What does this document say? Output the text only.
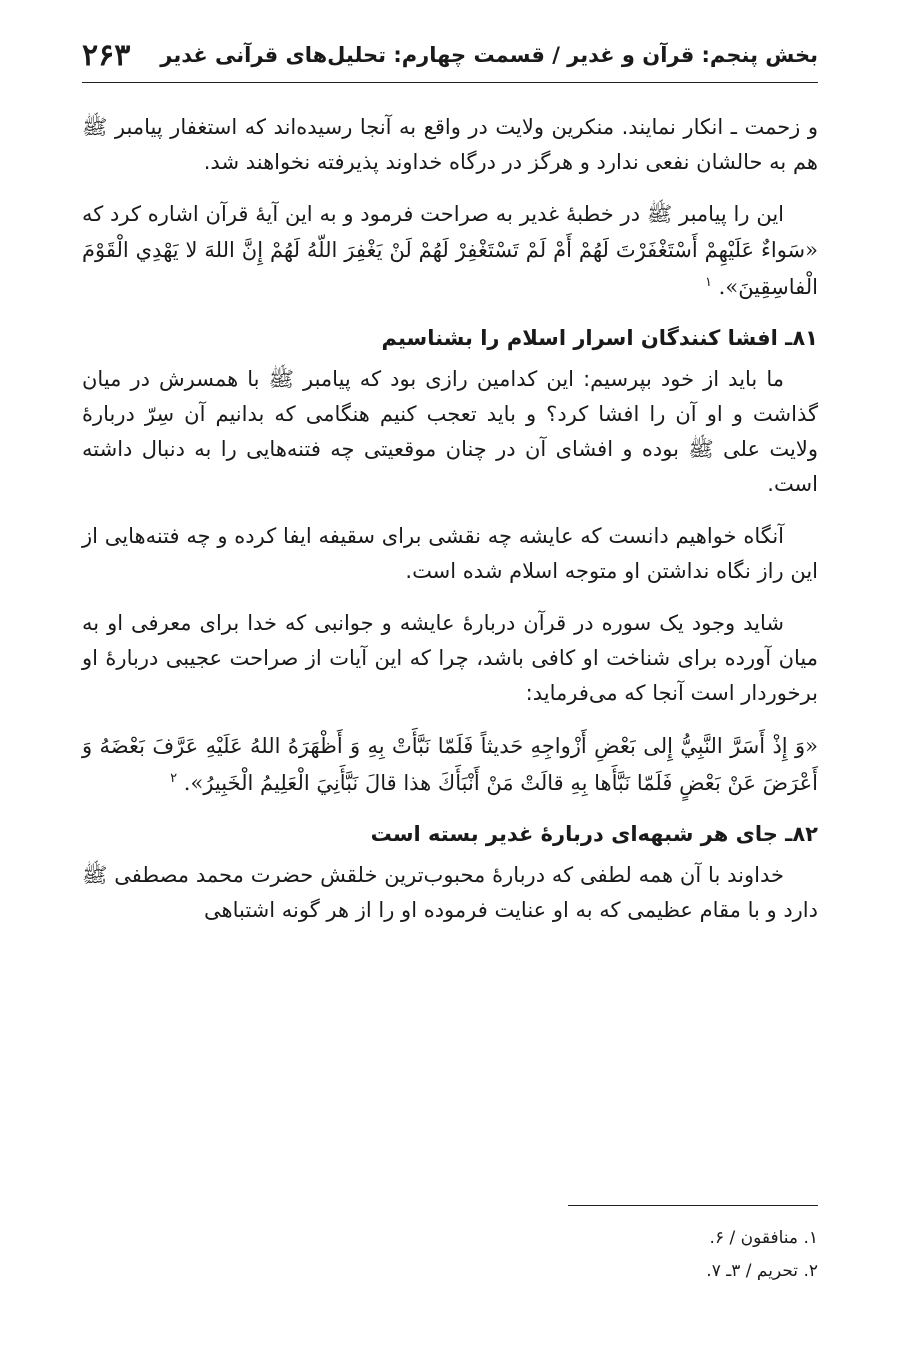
بخش پنجم: قرآن و غدیر / قسمت چهارم: تحلیل‌های قرآنی غدیر
۲۶۳

و زحمت ـ انکار نمایند. منکرین ولایت در واقع به آنجا رسیده‌اند که استغفار پیامبر ﷺ هم به حالشان نفعی ندارد و هرگز در درگاه خداوند پذیرفته نخواهند شد.

این را پیامبر ﷺ در خطبۀ غدیر به صراحت فرمود و به این آیۀ قرآن اشاره کرد که «سَواءٌ عَلَيْهِمْ أَسْتَغْفَرْتَ لَهُمْ أَمْ لَمْ تَسْتَغْفِرْ لَهُمْ لَنْ يَغْفِرَ اللّهُ لَهُمْ إِنَّ اللهَ لا يَهْدِي الْقَوْمَ الْفاسِقِينَ». $^۱$

۸۱ـ افشا کنندگان اسرار اسلام را بشناسیم

ما باید از خود بپرسیم: این کدامین رازی بود که پیامبر ﷺ با همسرش در میان گذاشت و او آن را افشا کرد؟ و باید تعجب کنیم هنگامی که بدانیم آن سِرّ دربارۀ ولایت علی ﷺ بوده و افشای آن در چنان موقعیتی چه فتنه‌هایی را به دنبال داشته است.

آنگاه خواهیم دانست که عایشه چه نقشی برای سقیفه ایفا کرده و چه فتنه‌هایی از این راز نگاه نداشتن او متوجه اسلام شده است.

شاید وجود یک سوره در قرآن دربارۀ عایشه و جوانبی که خدا برای معرفی او به میان آورده برای شناخت او کافی باشد، چرا که این آیات از صراحت عجیبی دربارۀ او برخوردار است آنجا که می‌فرماید:

«وَ إِذْ أَسَرَّ النَّبِيُّ إِلى بَعْضِ أَزْواجِهِ حَديثاً فَلَمّا نَبَّأَتْ بِهِ وَ أَظْهَرَهُ اللهُ عَلَيْهِ عَرَّفَ بَعْضَهُ وَ أَعْرَضَ عَنْ بَعْضٍ فَلَمّا نَبَّأَها بِهِ قالَتْ مَنْ أَنْبَأَكَ هذا قالَ نَبَّأَنِيَ الْعَلِيمُ الْخَبِيرُ». $^۲$

۸۲ـ جای هر شبهه‌ای دربارۀ غدیر بسته است

خداوند با آن همه لطفی که دربارۀ محبوب‌ترین خلقش حضرت محمد مصطفی ﷺ دارد و با مقام عظیمی که به او عنایت فرموده او را از هر گونه اشتباهی

۱. منافقون / ۶.
۲. تحریم / ۳ـ ۷.
